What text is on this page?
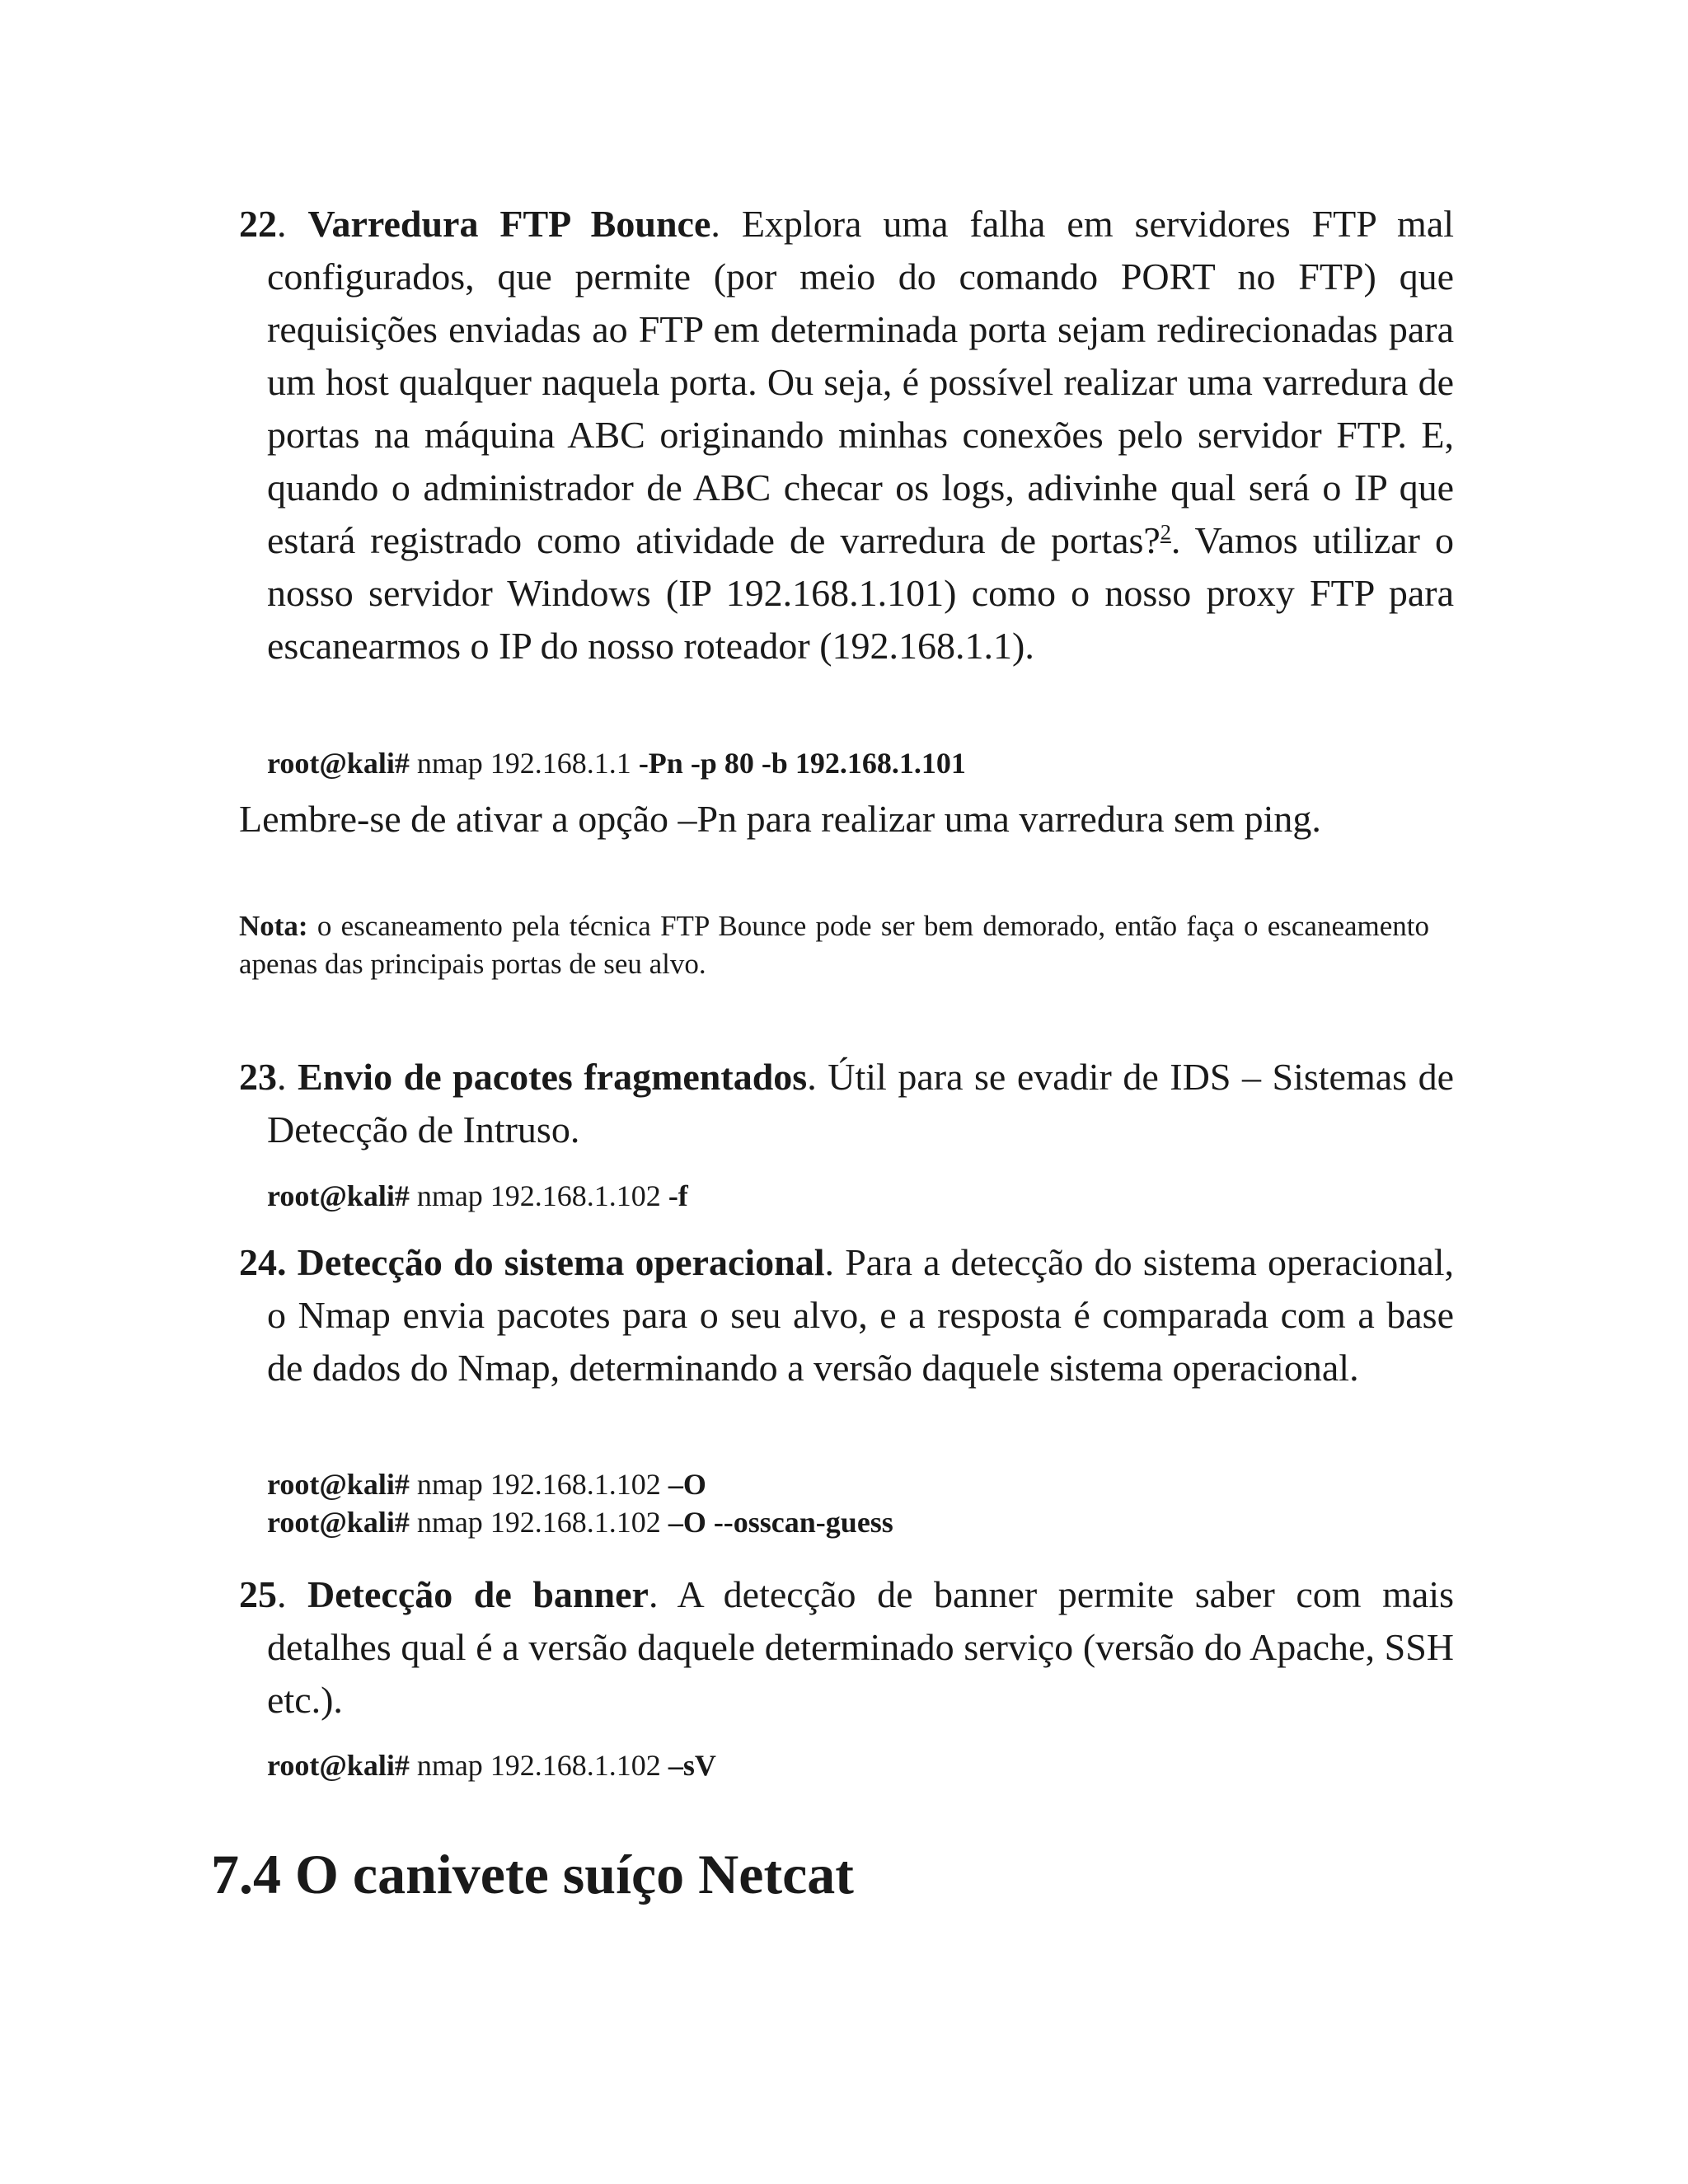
22. Varredura FTP Bounce. Explora uma falha em servidores FTP mal configurados, que permite (por meio do comando PORT no FTP) que requisições enviadas ao FTP em determinada porta sejam redirecionadas para um host qualquer naquela porta. Ou seja, é possível realizar uma varredura de portas na máquina ABC originando minhas conexões pelo servidor FTP. E, quando o administrador de ABC checar os logs, adivinhe qual será o IP que estará registrado como atividade de varredura de portas?$^2$. Vamos utilizar o nosso servidor Windows (IP 192.168.1.101) como o nosso proxy FTP para escanearmos o IP do nosso roteador (192.168.1.1).
root@kali# nmap 192.168.1.1 -Pn -p 80 -b 192.168.1.101
Lembre-se de ativar a opção –Pn para realizar uma varredura sem ping.
Nota: o escaneamento pela técnica FTP Bounce pode ser bem demorado, então faça o escaneamento apenas das principais portas de seu alvo.
23. Envio de pacotes fragmentados. Útil para se evadir de IDS – Sistemas de Detecção de Intruso.
root@kali# nmap 192.168.1.102 -f
24. Detecção do sistema operacional. Para a detecção do sistema operacional, o Nmap envia pacotes para o seu alvo, e a resposta é comparada com a base de dados do Nmap, determinando a versão daquele sistema operacional.
root@kali# nmap 192.168.1.102 –O
root@kali# nmap 192.168.1.102 –O --osscan-guess
25. Detecção de banner. A detecção de banner permite saber com mais detalhes qual é a versão daquele determinado serviço (versão do Apache, SSH etc.).
root@kali# nmap 192.168.1.102 –sV
7.4 O canivete suíço Netcat
